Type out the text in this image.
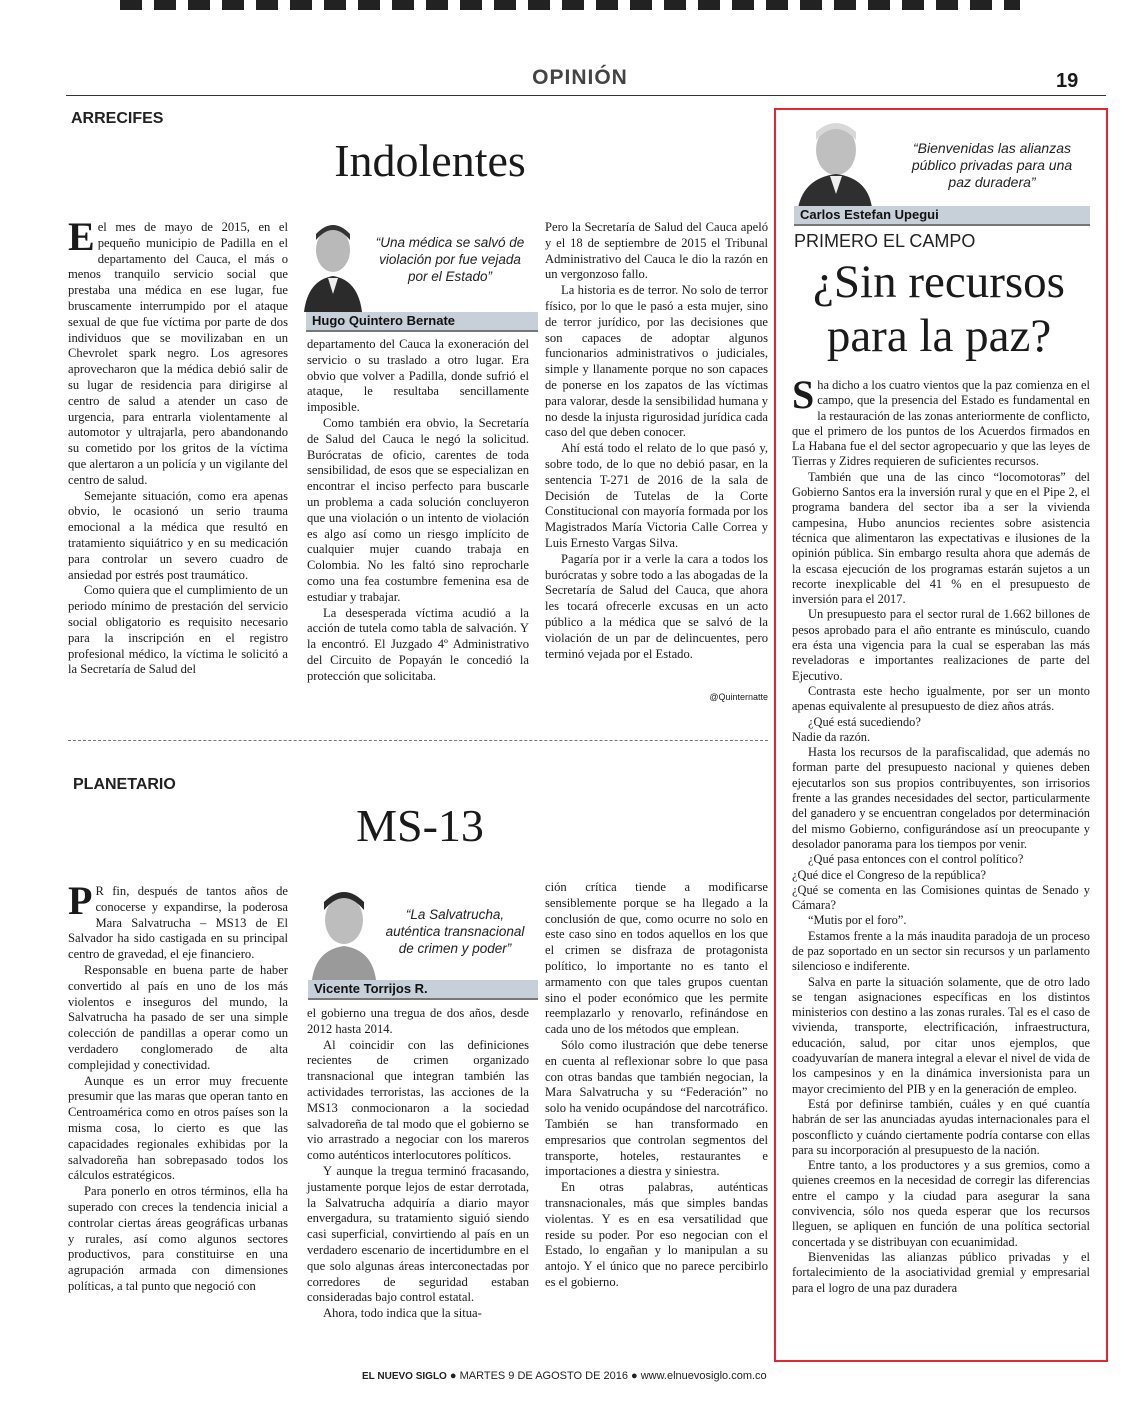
OPINIÓN	19
ARRECIFES
Indolentes
“Una médica se salvó de violación por fue vejada por el Estado”
Hugo Quintero Bernate

E el mes de mayo de 2015, en el pequeño municipio de Padilla en el departamento del Cauca, el más o menos tranquilo servicio social que prestaba una médica en ese lugar, fue bruscamente interrumpido por el ataque sexual de que fue víctima por parte de dos individuos que se movilizaban en un Chevrolet spark negro. Los agresores aprovecharon que la médica debió salir de su lugar de residencia para dirigirse al centro de salud a atender un caso de urgencia, para entrarla violentamente al automotor y ultrajarla, pero abandonando su cometido por los gritos de la víctima que alertaron a un policía y un vigilante del centro de salud.

Semejante situación, como era apenas obvio, le ocasionó un serio trauma emocional a la médica que resultó en tratamiento siquiátrico y en su medicación para controlar un severo cuadro de ansiedad por estrés post traumático.

Como quiera que el cumplimiento de un periodo mínimo de prestación del servicio social obligatorio es requisito necesario para la inscripción en el registro profesional médico, la víctima le solicitó a la Secretaría de Salud del

departamento del Cauca la exoneración del servicio o su traslado a otro lugar. Era obvio que volver a Padilla, donde sufrió el ataque, le resultaba sencillamente imposible.

Como también era obvio, la Secretaría de Salud del Cauca le negó la solicitud. Burócratas de oficio, carentes de toda sensibilidad, de esos que se especializan en encontrar el inciso perfecto para buscarle un problema a cada solución concluyeron que una violación o un intento de violación es algo así como un riesgo implícito de cualquier mujer cuando trabaja en Colombia. No les faltó sino reprocharle como una fea costumbre femenina esa de estudiar y trabajar.

La desesperada víctima acudió a la acción de tutela como tabla de salvación. Y la encontró. El Juzgado 4º Administrativo del Circuito de Popayán le concedió la protección que solicitaba.

Pero la Secretaría de Salud del Cauca apeló y el 18 de septiembre de 2015 el Tribunal Administrativo del Cauca le dio la razón en un vergonzoso fallo.

La historia es de terror. No solo de terror físico, por lo que le pasó a esta mujer, sino de terror jurídico, por las decisiones que son capaces de adoptar algunos funcionarios administrativos o judiciales, simple y llanamente porque no son capaces de ponerse en los zapatos de las víctimas para valorar, desde la sensibilidad humana y no desde la injusta rigurosidad jurídica cada caso del que deben conocer.

Ahí está todo el relato de lo que pasó y, sobre todo, de lo que no debió pasar, en la sentencia T-271 de 2016 de la sala de Decisión de Tutelas de la Corte Constitucional con mayoría formada por los Magistrados María Victoria Calle Correa y Luis Ernesto Vargas Silva.

Pagaría por ir a verle la cara a todos los burócratas y sobre todo a las abogadas de la Secretaría de Salud del Cauca, que ahora les tocará ofrecerle excusas en un acto público a la médica que se salvó de la violación de un par de delincuentes, pero terminó vejada por el Estado.

@Quinternatte
PLANETARIO
MS-13
“La Salvatrucha, auténtica transnacional de crimen y poder”
Vicente Torrijos R.

P R fin, después de tantos años de conocerse y expandirse, la poderosa Mara Salvatrucha – MS13 de El Salvador ha sido castigada en su principal centro de gravedad, el eje financiero.

Responsable en buena parte de haber convertido al país en uno de los más violentos e inseguros del mundo, la Salvatrucha ha pasado de ser una simple colección de pandillas a operar como un verdadero conglomerado de alta complejidad y conectividad.

Aunque es un error muy frecuente presumir que las maras que operan tanto en Centroamérica como en otros países son la misma cosa, lo cierto es que las capacidades regionales exhibidas por la salvadoreña han sobrepasado todos los cálculos estratégicos.

Para ponerlo en otros términos, ella ha superado con creces la tendencia inicial a controlar ciertas áreas geográficas urbanas y rurales, así como algunos sectores productivos, para constituirse en una agrupación armada con dimensiones políticas, a tal punto que negoció con

el gobierno una tregua de dos años, desde 2012 hasta 2014.

Al coincidir con las definiciones recientes de crimen organizado transnacional que integran también las actividades terroristas, las acciones de la MS13 conmocionaron a la sociedad salvadoreña de tal modo que el gobierno se vio arrastrado a negociar con los mareros como auténticos interlocutores políticos.

Y aunque la tregua terminó fracasando, justamente porque lejos de estar derrotada, la Salvatrucha adquiría a diario mayor envergadura, su tratamiento siguió siendo casi superficial, convirtiendo al país en un verdadero escenario de incertidumbre en el que solo algunas áreas interconectadas por corredores de seguridad estaban consideradas bajo control estatal.

Ahora, todo indica que la situa-

ción crítica tiende a modificarse sensiblemente porque se ha llegado a la conclusión de que, como ocurre no solo en este caso sino en todos aquellos en los que el crimen se disfraza de protagonista político, lo importante no es tanto el armamento con que tales grupos cuentan sino el poder económico que les permite reemplazarlo y renovarlo, refinándose en cada uno de los métodos que emplean.

Sólo como ilustración que debe tenerse en cuenta al reflexionar sobre lo que pasa con otras bandas que también negocian, la Mara Salvatrucha y su “Federación” no solo ha venido ocupándose del narcotráfico. También se han transformado en empresarios que controlan segmentos del transporte, hoteles, restaurantes e importaciones a diestra y siniestra.

En otras palabras, auténticas transnacionales, más que simples bandas violentas. Y es en esa versatilidad que reside su poder. Por eso negocian con el Estado, lo engañan y lo manipulan a su antojo. Y el único que no parece percibirlo es el gobierno.

“Bienvenidas las alianzas público privadas para una paz duradera”
Carlos Estefan Upegui
PRIMERO EL CAMPO
¿Sin recursos
para la paz?

S ha dicho a los cuatro vientos que la paz comienza en el campo, que la presencia del Estado es fundamental en la restauración de las zonas anteriormente de conflicto, que el primero de los puntos de los Acuerdos firmados en La Habana fue el del sector agropecuario y que las leyes de Tierras y Zidres requieren de suficientes recursos.

También que una de las cinco “locomotoras” del Gobierno Santos era la inversión rural y que en el Pipe 2, el programa bandera del sector iba a ser la vivienda campesina, Hubo anuncios recientes sobre asistencia técnica que alimentaron las expectativas e ilusiones de la opinión pública. Sin embargo resulta ahora que además de la escasa ejecución de los programas estarán sujetos a un recorte inexplicable del 41 % en el presupuesto de inversión para el 2017.

Un presupuesto para el sector rural de 1.662 billones de pesos aprobado para el año entrante es minúsculo, cuando era ésta una vigencia para la cual se esperaban las más reveladoras e importantes realizaciones de parte del Ejecutivo.

Contrasta este hecho igualmente, por ser un monto apenas equivalente al presupuesto de diez años atrás.

¿Qué está sucediendo?

Nadie da razón.

Hasta los recursos de la parafiscalidad, que además no forman parte del presupuesto nacional y quienes deben ejecutarlos son sus propios contribuyentes, son irrisorios frente a las grandes necesidades del sector, particularmente del ganadero y se encuentran congelados por determinación del mismo Gobierno, configurándose así un preocupante y desolador panorama para los tiempos por venir.

¿Qué pasa entonces con el control político?

¿Qué dice el Congreso de la república?

¿Qué se comenta en las Comisiones quintas de Senado y Cámara?

“Mutis por el foro”.

Estamos frente a la más inaudita paradoja de un proceso de paz soportado en un sector sin recursos y un parlamento silencioso e indiferente.

Salva en parte la situación solamente, que de otro lado se tengan asignaciones específicas en los distintos ministerios con destino a las zonas rurales. Tal es el caso de vivienda, transporte, electrificación, infraestructura, educación, salud, por citar unos ejemplos, que coadyuvarían de manera integral a elevar el nivel de vida de los campesinos y en la dinámica inversionista para un mayor crecimiento del PIB y en la generación de empleo.

Está por definirse también, cuáles y en qué cuantía habrán de ser las anunciadas ayudas internacionales para el posconflicto y cuándo ciertamente podría contarse con ellas para su incorporación al presupuesto de la nación.

Entre tanto, a los productores y a sus gremios, como a quienes creemos en la necesidad de corregir las diferencias entre el campo y la ciudad para asegurar la sana convivencia, sólo nos queda esperar que los recursos lleguen, se apliquen en función de una política sectorial concertada y se distribuyan con ecuanimidad.

Bienvenidas las alianzas público privadas y el fortalecimiento de la asociatividad gremial y empresarial para el logro de una paz duradera

EL NUEVO SIGLO ● MARTES 9 DE AGOSTO DE 2016 ● www.elnuevosiglo.com.co
